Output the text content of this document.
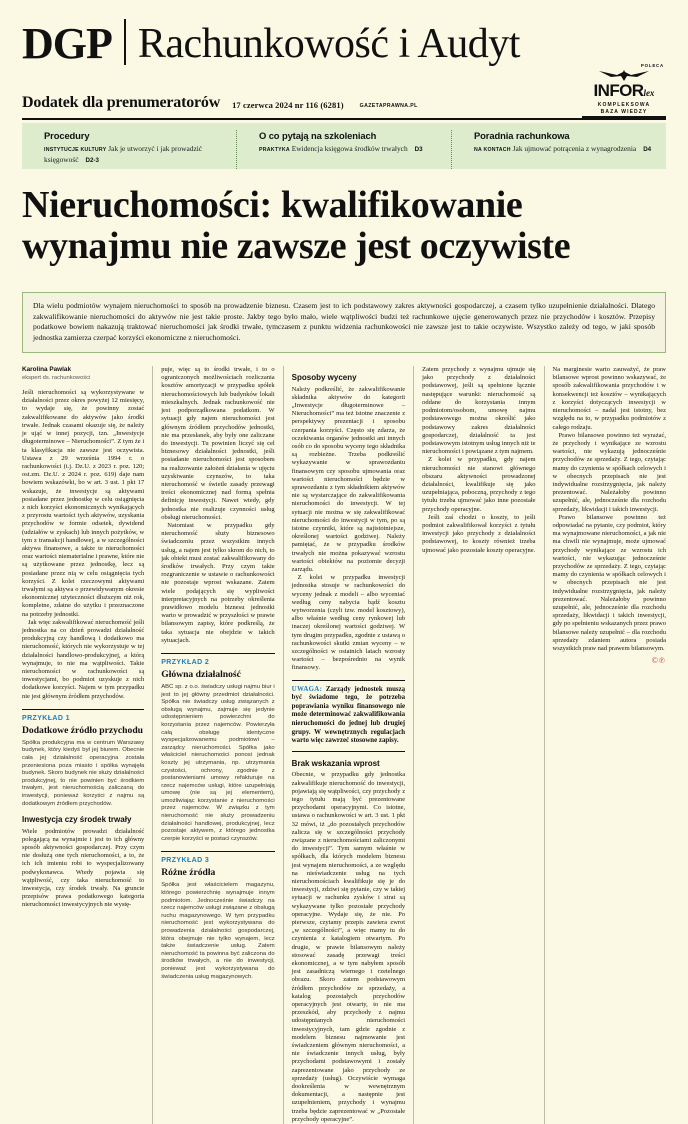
DGP Rachunkowość i Audyt
Dodatek dla prenumeratorów 17 czerwca 2024 nr 116 (6281)	GAZETAPRAWNA.PL
POLECA
INFORlex
KOMPLEKSOWA
BAZA WIEDZY
Procedury
INSTYTUCJE KULTURY Jak je utworzyć i jak prowadzić księgowość D2-3
O co pytają na szkoleniach
PRAKTYKA Ewidencja księgowa środków trwałych D3
Poradnia rachunkowa
NA KONTACH Jak ujmować potrącenia z wynagrodzenia D4
Nieruchomości: kwalifikowanie
wynajmu nie zawsze jest oczywiste

Dla wielu podmiotów wynajem nieruchomości to sposób na prowadzenie biznesu. Czasem jest to ich podstawowy zakres aktywności gospodarczej, a czasem tylko uzupełnienie działalności. Dlatego zakwalifikowanie nieruchomości do aktywów nie jest takie proste. Jakby tego było mało, wiele wątpliwości budzi też rachunkowe ujęcie generowanych przez nie przychodów i kosztów. Przepisy podatkowe bowiem nakazują traktować nieruchomości jak środki trwałe, tymczasem z punktu widzenia rachunkowości nie zawsze jest to takie oczywiste. Wszystko zależy od tego, w jaki sposób jednostka zamierza czerpać korzyści ekonomiczne z nieruchomości.

Karolina Pawlak
ekspert ds. rachunkowości

Jeśli nieruchomości są wykorzystywane w działalności przez okres powyżej 12 miesięcy, to wydaje się, że powinny zostać zakwalifikowane do aktywów jako środki trwałe. Jednak czasami okazuje się, że należy je ująć w innej pozycji, tzn. „Inwestycje długoterminowe – Nieruchomości”. Z tym że i ta klasyfikacja nie zawsze jest oczywista. Ustawa z 29 września 1994 r. o rachunkowości (t.j. Dz.U. z 2023 r. poz. 120; ost.zm. Dz.U. z 2024 r. poz. 619) daje nam bowiem wskazówki, bo w art. 3 ust. 1 pkt 17 wskazuje, że inwestycje są aktywami posiadane przez jednostkę w celu osiągnięcia z nich korzyści ekonomicznych wynikających z przyrostu wartości tych aktywów, uzyskania przychodów w formie odsetek, dywidend (udziałów w zyskach) lub innych pożytków, w tym z transakcji handlowej, a w szczególności aktywa finansowe, a także te nieruchomości oraz wartości niematerialne i prawne, które nie są użytkowane przez jednostkę, lecz są posiadane przez nią w celu osiągnięcia tych korzyści. Z kolei rzeczowymi aktywami trwałymi są aktywa o przewidywanym okresie ekonomicznej użyteczności dłuższym niż rok, kompletne, zdatne do użytku i przeznaczone na potrzeby jednostki.

Jak więc zakwalifikować nieruchomość jeśli jednostka na co dzień prowadzi działalność produkcyjną czy handlową i dodatkowo ma nieruchomość, których nie wykorzystuje w tej działalności handlowo-produkcyjnej, a którą wynajmuje, to nie ma wątpliwości. Takie nieruchomości w rachunkowości są inwestycjami, bo podmiot uzyskuje z nich dodatkowe korzyści. Najem w tym przypadku nie jest głównym źródłem przychodów.

PRZYKŁAD 1
Dodatkowe źródło przychodu
Spółka produkcyjna ma w centrum Warszawy budynek, który kiedyś był jej biurem. Obecnie cała jej działalność operacyjna została przeniesiona poza miasto i spółka wynajęła budynek. Skoro budynek nie służy działalności produkcyjnej, to nie powinien być środkiem trwałym, jest nieruchomością zaliczaną do inwestycji, ponieważ korzyści z najmu są dodatkowym źródłem przychodów.
Inwestycja czy środek trwały

Wiele podmiotów prowadzi działalność polegającą na wynajmie i jest to ich główny sposób aktywności gospodarczej. Przy czym nie dosłużą one tych nieruchomości, a to, że ich ich imieniu robi to wyspecjalizowany podwykonawca. Wtedy pojawia się wątpliwość, czy taka nieruchomość to inwestycja, czy środek trwały. Na gruncie przepisów prawa podatkowego kategoria nieruchomości inwestycyjnych nie wystę-

puje, więc są to środki trwałe, i to o ograniczonych możliwościach rozliczania kosztów amortyzacji w przypadku spółek nieruchomościowych lub budynków lokali mieszkalnych. Jednak rachunkowość nie jest podporządkowana podatkom. W sytuacji gdy najem nieruchomości jest głównym źródłem przychodów jednostki, nie ma przesłanek, aby były one zaliczane do inwestycji. Tu powinien liczyć się cel biznesowy działalności jednostki, jeśli posiadanie nieruchomości jest sposobem na realizowanie założeń działania w ujęciu uzyskiwanie czynszów, to taka nieruchomość w świetle zasady przewagi treści ekonomicznej nad formą spełnia definicję inwestycji. Nawet wtedy, gdy jednostka nie realizuje czynności usług obsługi nieruchomości.

Natomiast w przypadku gdy nieruchomość służy biznesowo świadczeniu przez wszystkim innych usług, a najem jest tylko skrom do nich, to jak obiekt musi zostać zakwalifikowany do środków trwałych. Przy czym takie rozgraniczenie w ustawie o rachunkowości nie pozostaje wprost wskazane. Zatem wiele podających się wypliwości interpretacyjnych na potrzeby określenia prawidłowo modelu biznesu jednostki warto w prowadzić w przyszłości w prawie bilansowym zapisy, które podkreślą, że taka sytuacja nie obejdzie w takich sytuacjach.

PRZYKŁAD 2
Główna działalność
ABC sp. z o.o. świadczy usługi najmu biur i jest to jej główny przedmiot działalności. Spółka nie świadczy usług związanych z obsługą wynajmu, zajmuje się jedynie udostępnieniem powierzchni do korzystania przez najemców. Powierzyła całą obsługę identyczne wyspecjalizowanemu podmiotowi – zarządcy nieruchomości. Spółka jako właściciel nieruchomości ponosi jednak koszty jej utrzymania, np. utrzymania czystości, ochrony, zgodnie z postanowieniami umowy refakturuje na rzecz najemców usługi, które uzupełniają umowę (nie są jej elementem), umożliwiając korzystanie z nieruchomości przez najemców. W związku z tym nieruchomość nie służy prowadzeniu działalności handlowej, produkcyjnej, lecz pozostaje aktywem, z którego jednostka czerpie korzyści w postaci czynszów.
PRZYKŁAD 3
Różne źródła
Spółka jest właścicielem magazynu, którego powierzchnię wynajmuje innym podmiotom. Jednocześnie świadczy na rzecz najemców usługi związane z obsługą ruchu magazynowego. W tym przypadku nieruchomość jest wykorzystywana do prowadzenia działalności gospodarczej, która obejmuje nie tylko wynajem, lecz także świadczenie usług. Zatem nieruchomość ta powinna być zaliczona do środków trwałych, a nie do inwestycji, ponieważ jest wykorzystywana do świadczenia usług magazynowych.
Sposoby wyceny

Należy podkreślić, że zakwalifikowanie składnika aktywów do kategorii „Inwestycje długoterminowe – Nieruchomości” ma też istotne znaczenie z perspektywy prezentacji i sposobu czerpania korzyści. Często się zdarza, że oczekiwania organów jednostki ani innych osób co do sposobu wyceny tego składnika są rozbieżne. Trzeba podkreślić wykazywanie w sprawozdaniu finansowym czy sposobu ujmowania oraz wartości nieruchomości będzie w sprawozdaniu z tym składnikiem aktywów nie są wystarczające do zakwalifikowania nieruchomości do inwestycji. W tej sytuacji nie można w się zakwalifikować nieruchomości do inwestycji w tym, po są istotne czynniki, które są najistotniejsze, określonej wartości godziwej. Należy pamiętać, że w przypadku środków trwałych nie można pokazywać wzrostu wartości obiektów na poziomie decyzji zarządu.

Z kolei w przypadku inwestycji jednostka stosuje w rachunkowości do wyceny jednak z modeli – albo wyceniać według ceny nabycia bądź kosztu wytworzenia (czyli tzw. model kosztowy), albo właśnie według ceny rynkowej lub inaczej określonej wartości godziwej. W tym drugim przypadku, zgodnie z ustawą o rachunkowości skutki zmian wyceny – w szczególności w ostatnich latach wzrosty wartości – bezpośrednio na wynik finansowy.

UWAGA: Zarządy jednostek muszą być świadome tego, że potrzeba poprawiania wyniku finansowego nie może determinować zakwalifikowania nieruchomości do jednej lub drugiej grupy. W wewnętrznych regulacjach warto więc zawrzeć stosowne zapisy.
Brak wskazania wprost

Obecnie, w przypadku gdy jednostka zakwalifikuje nieruchomość do inwestycji, pojawiają się wątpliwości, czy przychody z tego tytułu mają być prezentowane przychodami operacyjnymi. Co istotne, ustawa o rachunkowości w art. 3 ust. 1 pkt 32 mówi, iż „do pozostałych przychodów zalicza się w szczególności przychody związane z nieruchomościami zaliczonymi do inwestycji”. Tym samym właśnie w spółkach, dla których modelem biznesu jest wynajem nieruchomości, a ze względu na nieświadczenie usług na tych nieruchomościach kwalifikuje się je do inwestycji, zdziwi się pytanie, czy w takiej sytuacji w rachunku zysków i strat są wykazywane tylko pozostałe przychody operacyjne. Wydaje się, że nie. Po pierwsze, czytamy przepis zawiera zwrot „w szczególności”, a więc mamy tu do czynienia z katalogiem otwartym. Po drugie, w prawie bilansowym należy stosować zasadę przewagi treści ekonomicznej, a w tym nabyłem sposób jest zasadniczą wiernego i rzetelnego obrazu. Skoro zatem podstawowym źródłem przychodów ze sprzedaży, a katalog pozostałych przychodów operacyjnych jest otwarty, to nie ma przeszkód, aby przychody z najmu udostępnianych nieruchomości inwestycyjnych, tam gdzie zgodnie z modelem biznesu najmowanie jest świadczeniem głównym nieruchomości, a nie świadczenie innych usług, były przychodami podstawowymi i zostały zaprezentowane jako przychody ze sprzedaży (usług). Oczywiście wymaga dookreślenia w wewnętrznym dokumentacji, a następnie jest uzupełnieniem, przychody i wynajmu trzeba będzie zaprezentować w „Pozostałe przychody operacyjne”.

Zatem przychody z wynajmu ujmuje się jako przychody z działalności podstawowej, jeśli są spełnione łącznie następujące warunki: nieruchomość są oddane do korzystania innym podmiotom/osobom, umowę najmu podstawowego można określić jako podstawowy zakres działalności gospodarczej, działalność ta jest podstawowym istotnym usług innych niż te nieruchomości i powiązane z tym najmem.

Z kolei w przypadku, gdy najem nieruchomości nie stanowi głównego obszaru aktywności prowadzonej działalności, kwalifikuje się jako uzupełniająca, poboczną, przychody z tego tytułu trzeba ujmować jako inne pozostałe przychody operacyjne.

Jeśli zaś chodzi o koszty, to jeśli podmiot zakwalifikował korzyści z tytułu inwestycji jako przychody z działalności podstawowej, to koszty również trzeba ujmować jako pozostałe koszty operacyjne.

Na marginesie warto zauważyć, że praw bilansowe wprost powinno wskazywać, że sposób zakwalifikowania przychodów i w konsekwencji też kosztów – wynikających z korzyści dotyczących inwestycji w nieruchomości – nadal jest istotny, bez względu na to, w przypadku podmiotów z całego rodzaju.

Prawo bilansowe powinno też wyrażać, że przychody i wynikające ze wzrostu wartości, nie wykazują jednocześnie przychodów ze sprzedaży. Z tego, czytając mamy do czynienia w spółkach celowych i w obecnych przepisach nie jest indywidualne rozstrzygnięcia, jak należy prezentować. Należałoby powinno uzupełnić, ale, jednocześnie dla rozchodu sprzedaży, likwidacji i takich inwestycji.

Prawo bilansowe powinno też odpowiadać na pytanie, czy podmiot, który ma wynajmowane nieruchomości, a jak nie ma chwili nie wynajmuje, może ujmować przychody wynikające ze wzrostu ich wartości, nie wykazując jednocześnie przychodów ze sprzedaży. Z tego, czytając mamy do czynienia w spółkach celowych i w obecnych przepisach nie jest indywidualne rozstrzygnięcia, jak należy prezentować. Należałoby powinno uzupełnić, ale, jednocześnie dla rozchodu sprzedaży, likwidacji i takich inwestycji, gdy po spełnieniu wskazanych przez prawo bilansowe należy uzupełnić – dla rozchodu sprzedaży zdaniem autora posiada wszystkich praw nad prawem bilansowym.

©℗
